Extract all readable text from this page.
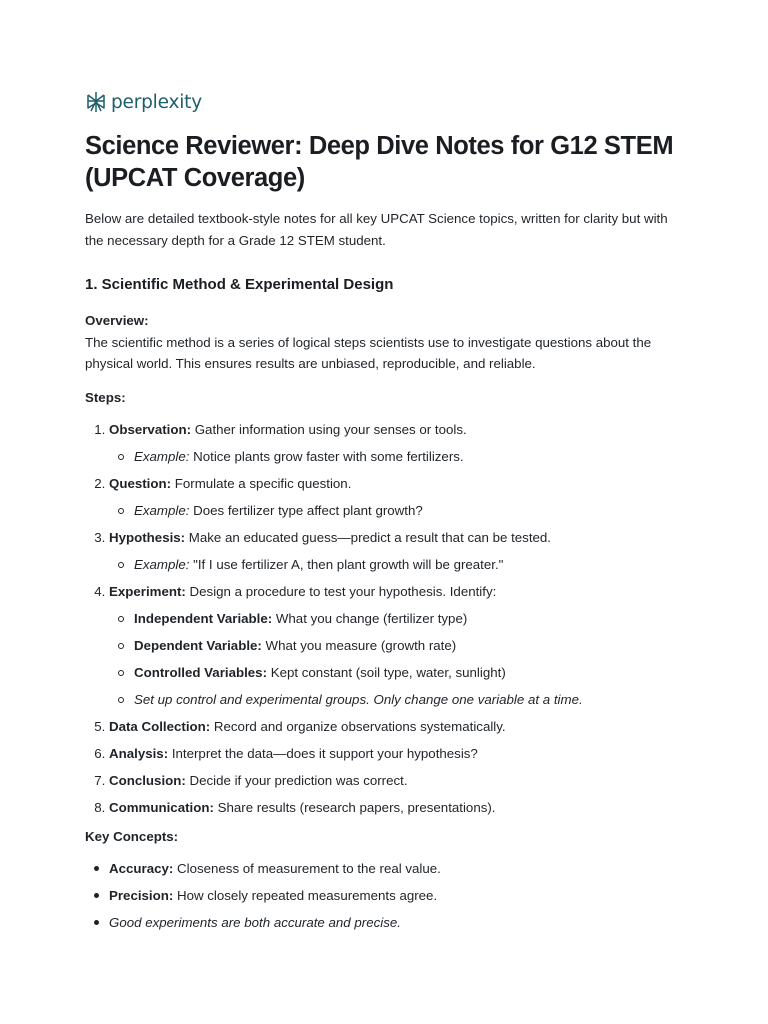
perplexity
Science Reviewer: Deep Dive Notes for G12 STEM (UPCAT Coverage)

Below are detailed textbook-style notes for all key UPCAT Science topics, written for clarity but with the necessary depth for a Grade 12 STEM student.

1. Scientific Method & Experimental Design
Overview:

The scientific method is a series of logical steps scientists use to investigate questions about the physical world. This ensures results are unbiased, reproducible, and reliable.

Steps:
1. Observation: Gather information using your senses or tools.
Example: Notice plants grow faster with some fertilizers.
2. Question: Formulate a specific question.
Example: Does fertilizer type affect plant growth?
3. Hypothesis: Make an educated guess—predict a result that can be tested.
Example: "If I use fertilizer A, then plant growth will be greater."
4. Experiment: Design a procedure to test your hypothesis. Identify:
Independent Variable: What you change (fertilizer type)
Dependent Variable: What you measure (growth rate)
Controlled Variables: Kept constant (soil type, water, sunlight)
Set up control and experimental groups. Only change one variable at a time.
5. Data Collection: Record and organize observations systematically.
6. Analysis: Interpret the data—does it support your hypothesis?
7. Conclusion: Decide if your prediction was correct.
8. Communication: Share results (research papers, presentations).
Key Concepts:
Accuracy: Closeness of measurement to the real value.
Precision: How closely repeated measurements agree.
Good experiments are both accurate and precise.
